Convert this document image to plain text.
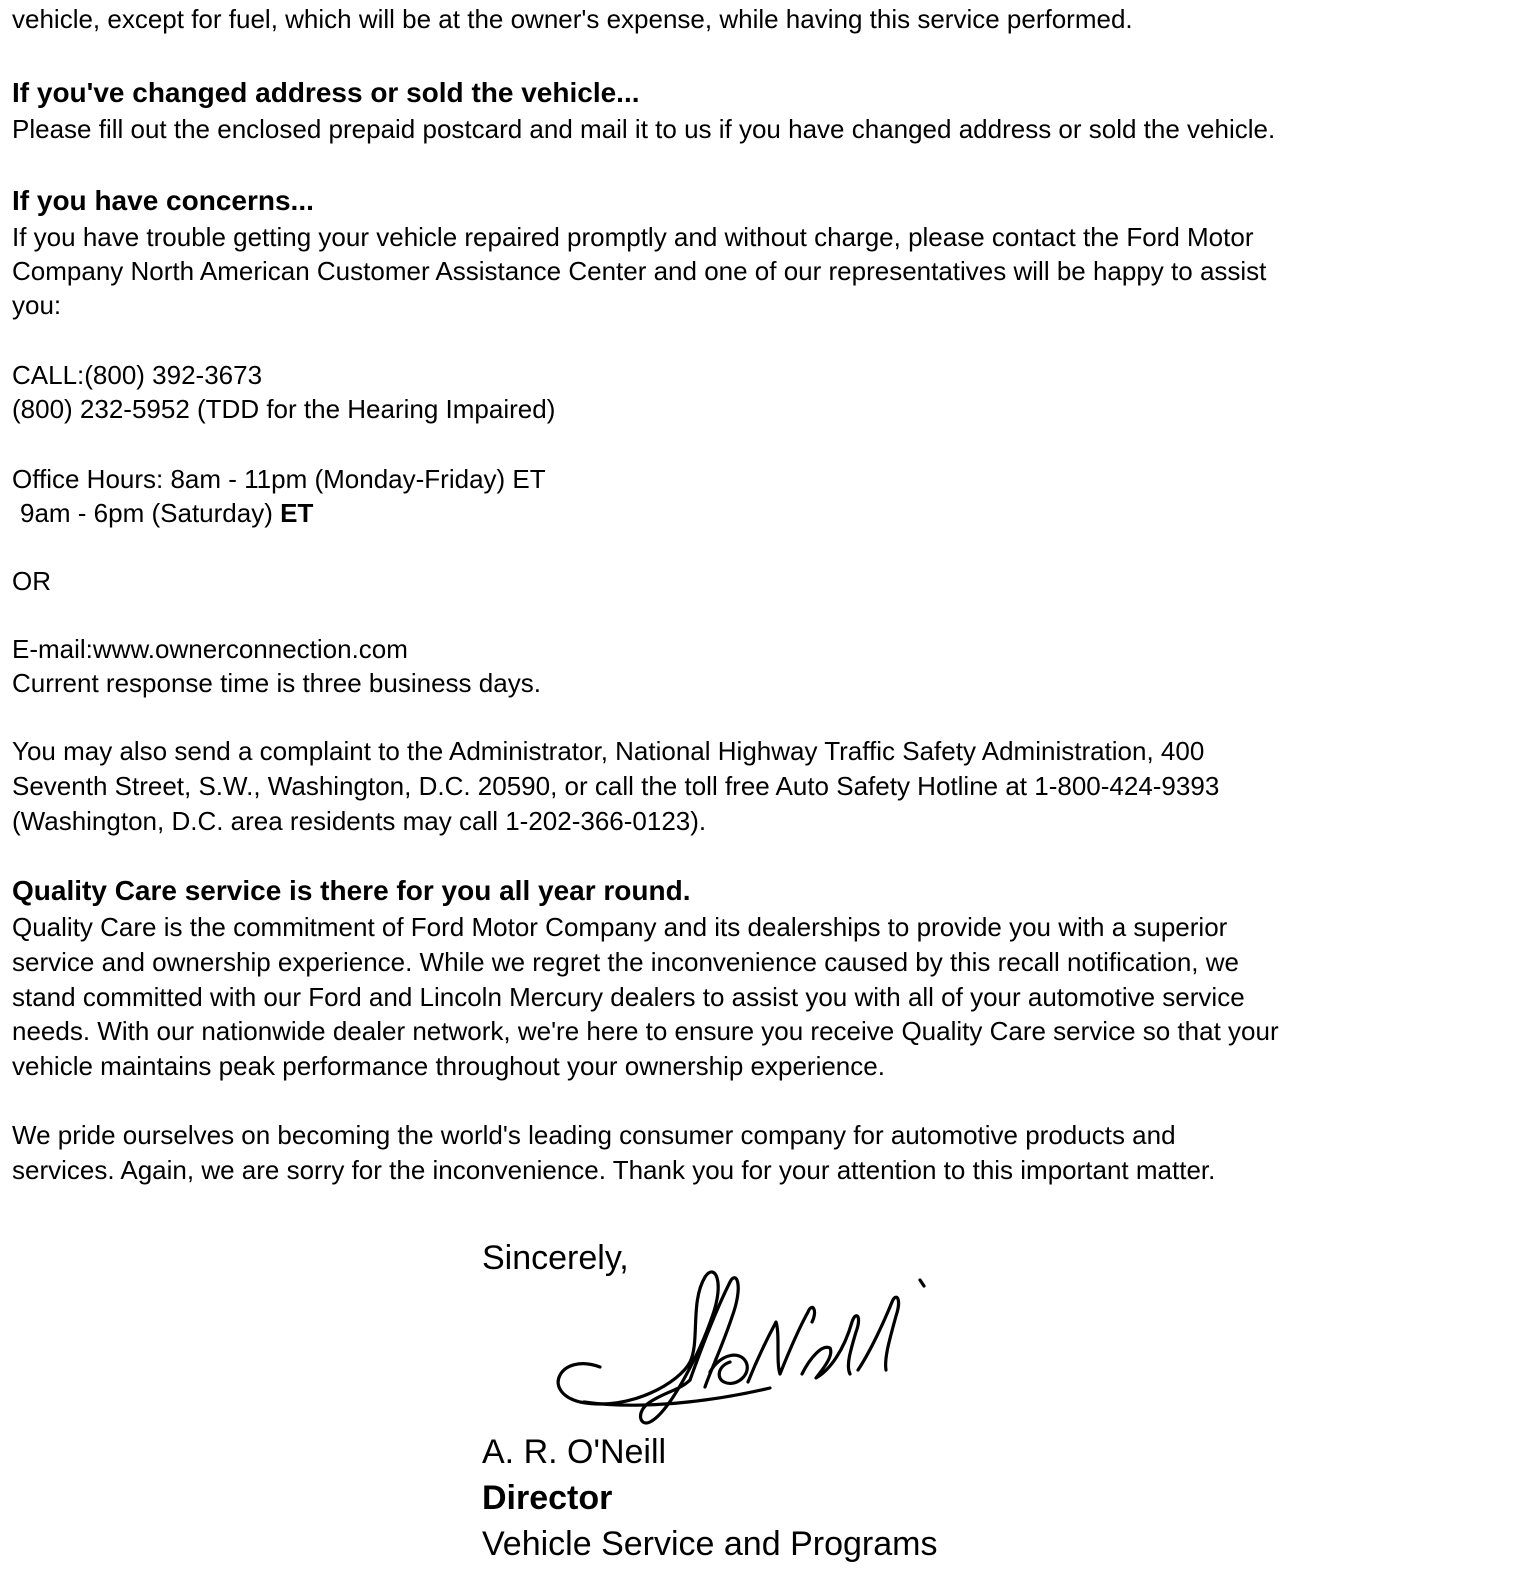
vehicle, except for fuel, which will be at the owner's expense, while having this service performed.

If you've changed address or sold the vehicle...

Please fill out the enclosed prepaid postcard and mail it to us if you have changed address or sold the vehicle.

If you have concerns...

If you have trouble getting your vehicle repaired promptly and without charge, please contact the Ford Motor

Company North American Customer Assistance Center and one of our representatives will be happy to assist

you:

CALL:(800) 392-3673

(800) 232-5952 (TDD for the Hearing Impaired)

Office Hours: 8am - 11pm (Monday-Friday) ET

9am - 6pm (Saturday) ET

OR

E-mail:www.ownerconnection.com

Current response time is three business days.

You may also send a complaint to the Administrator, National Highway Traffic Safety Administration, 400

Seventh Street, S.W., Washington, D.C. 20590, or call the toll free Auto Safety Hotline at 1-800-424-9393

(Washington, D.C. area residents may call 1-202-366-0123).

Quality Care service is there for you all year round.

Quality Care is the commitment of Ford Motor Company and its dealerships to provide you with a superior

service and ownership experience. While we regret the inconvenience caused by this recall notification, we

stand committed with our Ford and Lincoln Mercury dealers to assist you with all of your automotive service

needs. With our nationwide dealer network, we're here to ensure you receive Quality Care service so that your

vehicle maintains peak performance throughout your ownership experience.

We pride ourselves on becoming the world's leading consumer company for automotive products and

services. Again, we are sorry for the inconvenience. Thank you for your attention to this important matter.

Sincerely,

A. R. O'Neill

Director

Vehicle Service and Programs
